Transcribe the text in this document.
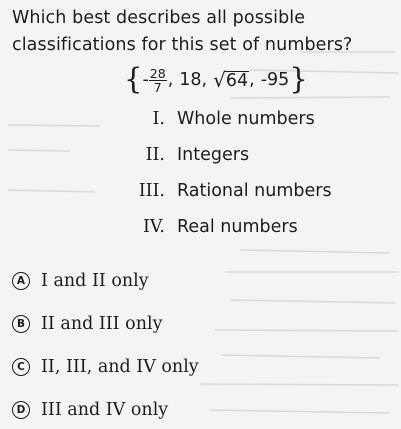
Which best describes all possible
classifications for this set of numbers?
{ - $\frac{28}{7}$ , 18, √ 64 , -95 }
I. Whole numbers
II. Integers
III. Rational numbers
IV. Real numbers
A I and II only
B II and III only
C II, III, and IV only
D III and IV only
